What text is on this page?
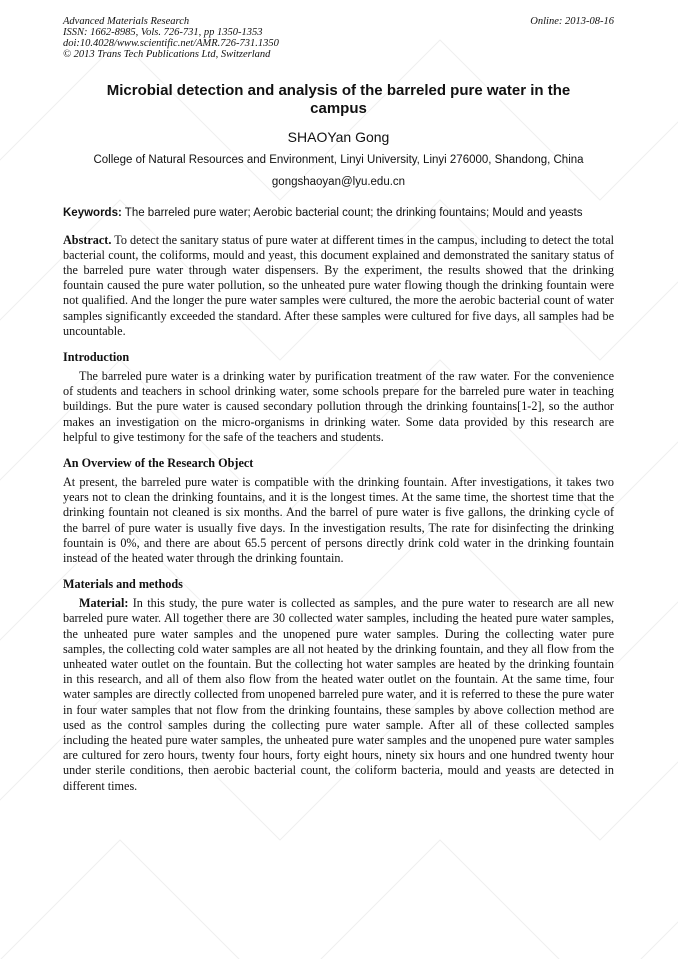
Advanced Materials Research
ISSN: 1662-8985, Vols. 726-731, pp 1350-1353
doi:10.4028/www.scientific.net/AMR.726-731.1350
© 2013 Trans Tech Publications Ltd, Switzerland
Online: 2013-08-16
Microbial detection and analysis of the barreled pure water in the campus
SHAOYan Gong
College of Natural Resources and Environment, Linyi University, Linyi 276000, Shandong, China
gongshaoyan@lyu.edu.cn

Keywords: The barreled pure water; Aerobic bacterial count; the drinking fountains; Mould and yeasts

Abstract. To detect the sanitary status of pure water at different times in the campus, including to detect the total bacterial count, the coliforms, mould and yeast, this document explained and demonstrated the sanitary status of the barreled pure water through water dispensers. By the experiment, the results showed that the drinking fountain caused the pure water pollution, so the unheated pure water flowing though the drinking fountain were not qualified. And the longer the pure water samples were cultured, the more the aerobic bacterial count of water samples significantly exceeded the standard. After these samples were cultured for five days, all samples had be uncountable.

Introduction

The barreled pure water is a drinking water by purification treatment of the raw water. For the convenience of students and teachers in school drinking water, some schools prepare for the barreled pure water in teaching buildings. But the pure water is caused secondary pollution through the drinking fountains[1-2], so the author makes an investigation on the micro-organisms in drinking water. Some data provided by this research are helpful to give testimony for the safe of the teachers and students.

An Overview of the Research Object

At present, the barreled pure water is compatible with the drinking fountain. After investigations, it takes two years not to clean the drinking fountains, and it is the longest times. At the same time, the shortest time that the drinking fountain not cleaned is six months. And the barrel of pure water is five gallons, the drinking cycle of the barrel of pure water is usually five days. In the investigation results, The rate for disinfecting the drinking fountain is 0%, and there are about 65.5 percent of persons directly drink cold water in the drinking fountain instead of the heated water through the drinking fountain.

Materials and methods

Material: In this study, the pure water is collected as samples, and the pure water to research are all new barreled pure water. All together there are 30 collected water samples, including the heated pure water samples, the unheated pure water samples and the unopened pure water samples. During the collecting water pure samples, the collecting cold water samples are all not heated by the drinking fountain, and they all flow from the unheated water outlet on the fountain. But the collecting hot water samples are heated by the drinking fountain in this research, and all of them also flow from the heated water outlet on the fountain. At the same time, four water samples are directly collected from unopened barreled pure water, and it is referred to these the pure water in four water samples that not flow from the drinking fountains, these samples by above collection method are used as the control samples during the collecting pure water sample. After all of these collected samples including the heated pure water samples, the unheated pure water samples and the unopened pure water samples are cultured for zero hours, twenty four hours, forty eight hours, ninety six hours and one hundred twenty hour under sterile conditions, then aerobic bacterial count, the coliform bacteria, mould and yeasts are detected in different times.
